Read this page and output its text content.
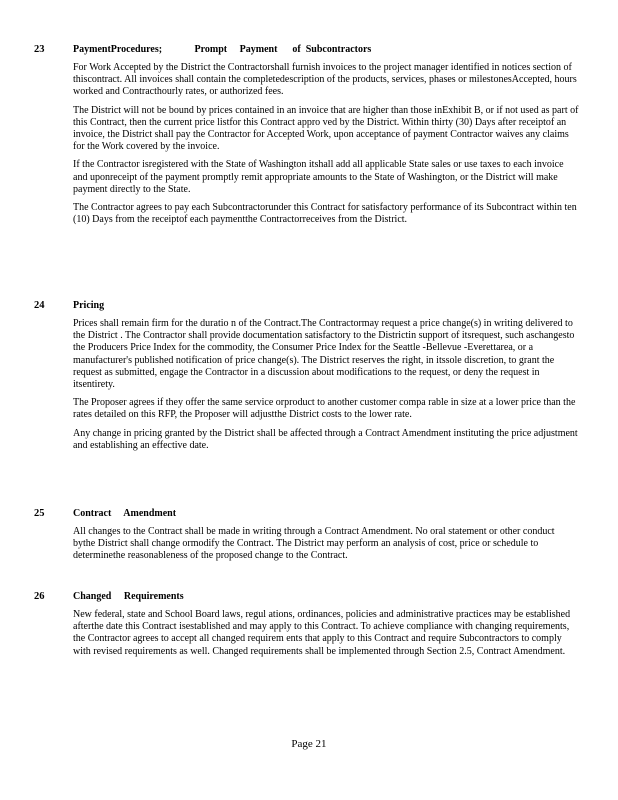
23	PaymentProcedures;             Prompt     Payment      of  Subcontractors

For Work Accepted by the District the Contractorshall furnish invoices to the project manager identified in notices section of thiscontract. All invoices shall contain the completedescription of the products, services, phases or milestonesAccepted, hours worked and Contracthourly rates, or authorized fees.

The District will not be bound by prices contained in an invoice that are higher than those inExhibit B, or if not used as part of this Contract, then the current price listfor this Contract appro ved by the District. Within thirty (30) Days after receiptof an invoice, the District shall pay the Contractor for Accepted Work, upon acceptance of payment Contractor waives any claims for the Work covered by the invoice.

If the Contractor isregistered with the State of Washington itshall add all applicable State sales or use taxes to each invoice and uponreceipt of the payment promptly remit appropriate amounts to the State of Washington, or the District will make payment directly to the State.

The Contractor agrees to pay each Subcontractorunder this Contract for satisfactory performance of its Subcontract within ten (10) Days from the receiptof each paymentthe Contractorreceives from the District.

24	Pricing

Prices shall remain firm for the duratio n of the Contract.The Contractormay request a price change(s) in writing delivered to the District . The Contractor shall provide documentation satisfactory to the Districtin support of itsrequest, such aschangesto the Producers Price Index for the commodity, the Consumer Price Index for the Seattle -Bellevue -Everettarea, or a manufacturer's published notification of price change(s). The District reserves the right, in itssole discretion, to grant the request as submitted, engage the Contractor in a discussion about modifications to the request, or deny the request in itsentirety.

The Proposer agrees if they offer the same service orproduct to another customer compa rable in size at a lower price than the rates detailed on this RFP, the Proposer will adjustthe District costs to the lower rate.

Any change in pricing granted by the District shall be affected through a Contract Amendment instituting the price adjustment and establishing an effective date.

25	Contract     Amendment

All changes to the Contract shall be made in writing through a Contract Amendment. No oral statement or other conduct bythe District shall change ormodify the Contract. The District may perform an analysis of cost, price or schedule to determinethe reasonableness of the proposed change to the Contract.

26	Changed     Requirements

New federal, state and School Board laws, regul ations, ordinances, policies and administrative practices may be established afterthe date this Contract isestablished and may apply to this Contract. To achieve compliance with changing requirements, the Contractor agrees to accept all changed requirem ents that apply to this Contract and require Subcontractors to comply with revised requirements as well. Changed requirements shall be implemented through Section 2.5, Contract Amendment.

Page 21
